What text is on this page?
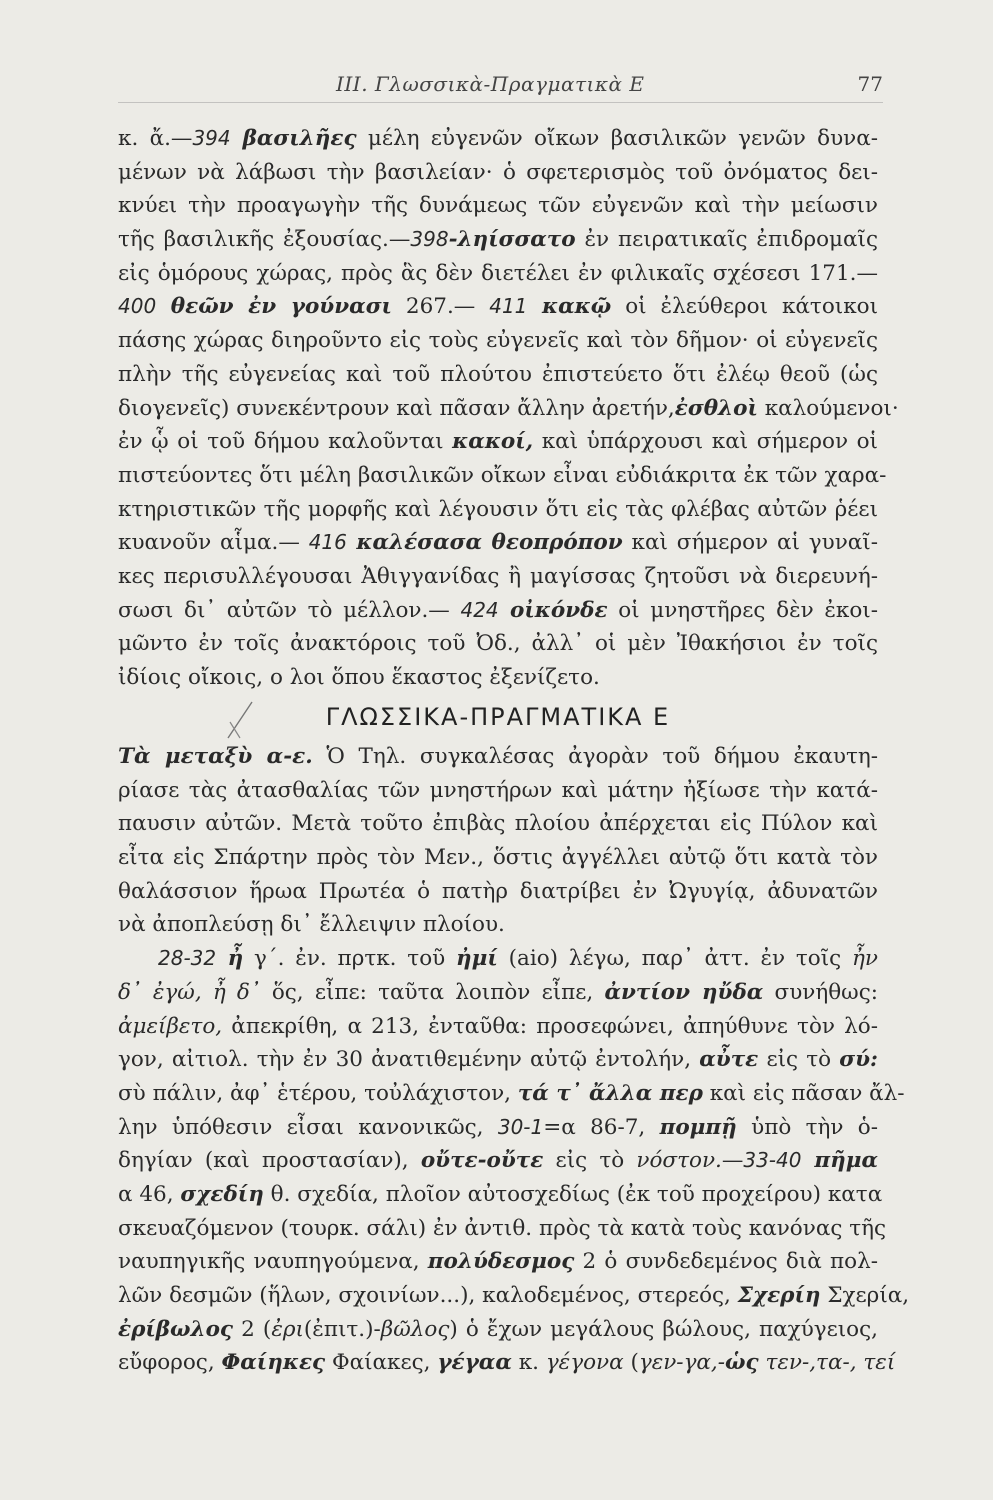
III. Γλωσσικὰ-Πραγματικὰ Ε	77
κ. ἄ.—394 βασιλῆες μέλη εὐγενῶν οἴκων βασιλικῶν γενῶν δυνα-
μένων νὰ λάβωσι τὴν βασιλείαν· ὁ σφετερισμὸς τοῦ ὀνόματος δει-
κνύει τὴν προαγωγὴν τῆς δυνάμεως τῶν εὐγενῶν καὶ τὴν μείωσιν
τῆς βασιλικῆς ἐξουσίας.—398-ληίσσατο ἐν πειρατικαῖς ἐπιδρομαῖς
εἰς ὁμόρους χώρας, πρὸς ἃς δὲν διετέλει ἐν φιλικαῖς σχέσεσι 171.—
400 θεῶν ἐν γούνασι 267.— 411 κακῷ οἱ ἐλεύθεροι κάτοικοι
πάσης χώρας διηροῦντο εἰς τοὺς εὐγενεῖς καὶ τὸν δῆμον· οἱ εὐγενεῖς
πλὴν τῆς εὐγενείας καὶ τοῦ πλούτου ἐπιστεύετο ὅτι ἐλέῳ θεοῦ (ὡς
διογενεῖς) συνεκέντρουν καὶ πᾶσαν ἄλλην ἀρετήν,ἐσθλοὶ καλούμενοι·
ἐν ᾧ οἱ τοῦ δήμου καλοῦνται κακοί, καὶ ὑπάρχουσι καὶ σήμερον οἱ
πιστεύοντες ὅτι μέλη βασιλικῶν οἴκων εἶναι εὐδιάκριτα ἐκ τῶν χαρα-
κτηριστικῶν τῆς μορφῆς καὶ λέγουσιν ὅτι εἰς τὰς φλέβας αὐτῶν ῥέει
κυανοῦν αἷμα.— 416 καλέσασα θεοπρόπον καὶ σήμερον αἱ γυναῖ-
κες περισυλλέγουσαι Ἀθιγγανίδας ἢ μαγίσσας ζητοῦσι νὰ διερευνή-
σωσι δι᾽ αὐτῶν τὸ μέλλον.— 424 οἰκόνδε οἱ μνηστῆρες δὲν ἐκοι-
μῶντο ἐν τοῖς ἀνακτόροις τοῦ Ὀδ., ἀλλ᾽ οἱ μὲν Ἰθακήσιοι ἐν τοῖς
ἰδίοις οἴκοις, ο λοι ὅπου ἕκαστος ἐξενίζετο.
ΓΛΩΣΣΙΚΑ-ΠΡΑΓΜΑΤΙΚΑ Ε
Τὰ μεταξὺ α-ε. Ὁ Τηλ. συγκαλέσας ἀγορὰν τοῦ δήμου ἐκαυτη-
ρίασε τὰς ἀτασθαλίας τῶν μνηστήρων καὶ μάτην ἠξίωσε τὴν κατά-
παυσιν αὐτῶν. Μετὰ τοῦτο ἐπιβὰς πλοίου ἀπέρχεται εἰς Πύλον καὶ
εἶτα εἰς Σπάρτην πρὸς τὸν Μεν., ὅστις ἀγγέλλει αὐτῷ ὅτι κατὰ τὸν
θαλάσσιον ἥρωα Πρωτέα ὁ πατὴρ διατρίβει ἐν Ὠγυγίᾳ, ἀδυνατῶν
νὰ ἀποπλεύσῃ δι᾽ ἔλλειψιν πλοίου.
28-32 ἦ γ΄. ἐν. πρτκ. τοῦ ἠμί (aio) λέγω, παρ᾽ ἀττ. ἐν τοῖς ἦν
δ᾽ ἐγώ, ἦ δ᾽ ὅς, εἶπε: ταῦτα λοιπὸν εἶπε, ἀντίον ηὔδα συνήθως:
ἀμείβετο, ἀπεκρίθη, α 213, ἐνταῦθα: προσεφώνει, ἀπηύθυνε τὸν λό-
γον, αἰτιολ. τὴν ἐν 30 ἀνατιθεμένην αὐτῷ ἐντολήν, αὖτε εἰς τὸ σύ:
σὺ πάλιν, ἀφ᾽ ἑτέρου, τοὐλάχιστον, τά τ᾽ ἄλλα περ καὶ εἰς πᾶσαν ἄλ-
λην ὑπόθεσιν εἶσαι κανονικῶς, 30-1=α 86-7, πομπῇ ὑπὸ τὴν ὁ-
δηγίαν (καὶ προστασίαν), οὔτε-οὔτε εἰς τὸ νόστον.—33-40 πῆμα
α 46, σχεδίη θ. σχεδία, πλοῖον αὐτοσχεδίως (ἐκ τοῦ προχείρου) κατα
σκευαζόμενον (τουρκ. σάλι) ἐν ἀντιθ. πρὸς τὰ κατὰ τοὺς κανόνας τῆς
ναυπηγικῆς ναυπηγούμενα, πολύδεσμος 2 ὁ συνδεδεμένος διὰ πολ-
λῶν δεσμῶν (ἥλων, σχοινίων...), καλοδεμένος, στερεός, Σχερίη Σχερία,
ἐρίβωλος 2 (ἐρι(ἐπιτ.)-βῶλος) ὁ ἔχων μεγάλους βώλους, παχύγειος,
εὔφορος, Φαίηκες Φαίακες, γέγαα κ. γέγονα (γεν-γα,-ὡς τεν-,τα-, τεί
